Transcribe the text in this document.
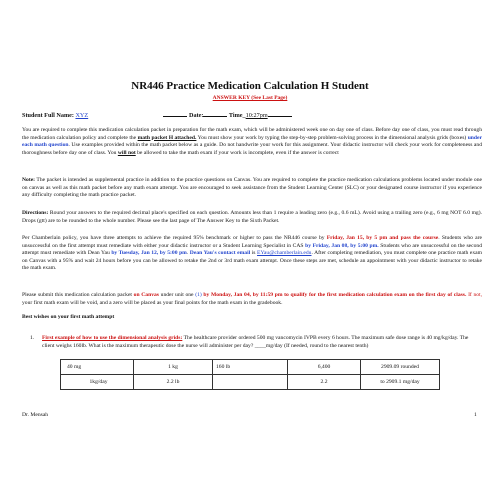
NR446 Practice Medication Calculation H Student
ANSWER KEY (See Last Page)
Student Full Name: XYZ	Date:	Time_10:27pm

You are required to complete this medication calculation packet in preparation for the math exam, which will be administered week one on day one of class. Before day one of class, you must read through the medication calculation policy and complete the math packet H attached. You must show your work by typing the step-by-step problem-solving process in the dimensional analysis grids (boxes) under each math question. Use examples provided within the math packet below as a guide. Do not handwrite your work for this assignment. Your didactic instructor will check your work for completeness and thoroughness before day one of class. You will not be allowed to take the math exam if your work is incomplete, even if the answer is correct

Note: The packet is intended as supplemental practice in addition to the practice questions on Canvas. You are required to complete the practice medication calculations problems located under module one on canvas as well as this math packet before any math exam attempt. You are encouraged to seek assistance from the Student Learning Center (SLC) or your designated course instructor if you experience any difficulty completing the math practice packet.

Directions: Round your answers to the required decimal place's specified on each question. Amounts less than 1 require a leading zero (e.g., 0.6 mL). Avoid using a trailing zero (e.g., 6 mg NOT 6.0 mg). Drops (gtt) are to be rounded to the whole number. Please see the last page of The Answer Key to the Sixth Packet.

Per Chamberlain policy, you have three attempts to achieve the required 95% benchmark or higher to pass the NR446 course by Friday, Jan 15, by 5 pm and pass the course. Students who are unsuccessful on the first attempt must remediate with either your didactic instructor or a Student Learning Specialist in CAS by Friday, Jan 08, by 5:00 pm. Students who are unsuccessful on the second attempt must remediate with Dean Yau by Tuesday, Jan 12, by 5:00 pm. Dean Yau's contact email is EYau@chamberlain.edu. After completing remediation, you must complete one practice math exam on Canvas with a 95% and wait 24 hours before you can be allowed to retake the 2nd or 3rd math exam attempt. Once these steps are met, schedule an appointment with your didactic instructor to retake the math exam.

Please submit this medication calculation packet on Canvas under unit one (1) by Monday, Jan 04, by 11:59 pm to qualify for the first medication calculation exam on the first day of class. If not, your first math exam will be void, and a zero will be placed as your final points for the math exam in the gradebook.

Best wishes on your first math attempt

1. First example of how to use the dimensional analysis grids: The healthcare provider ordered 500 mg vancomycin IVPB every 6 hours. The maximum safe dose range is 40 mg/kg/day. The client weighs 160lb. What is the maximum therapeutic dose the nurse will administer per day? ____mg/day (If needed, round to the nearest tenth)
40 mg	1 kg	160 lb	6,400	2909.09 rounded
1kg/day	2.2 lb		2.2	to 2909.1 mg/day
Dr. Mensah	1
